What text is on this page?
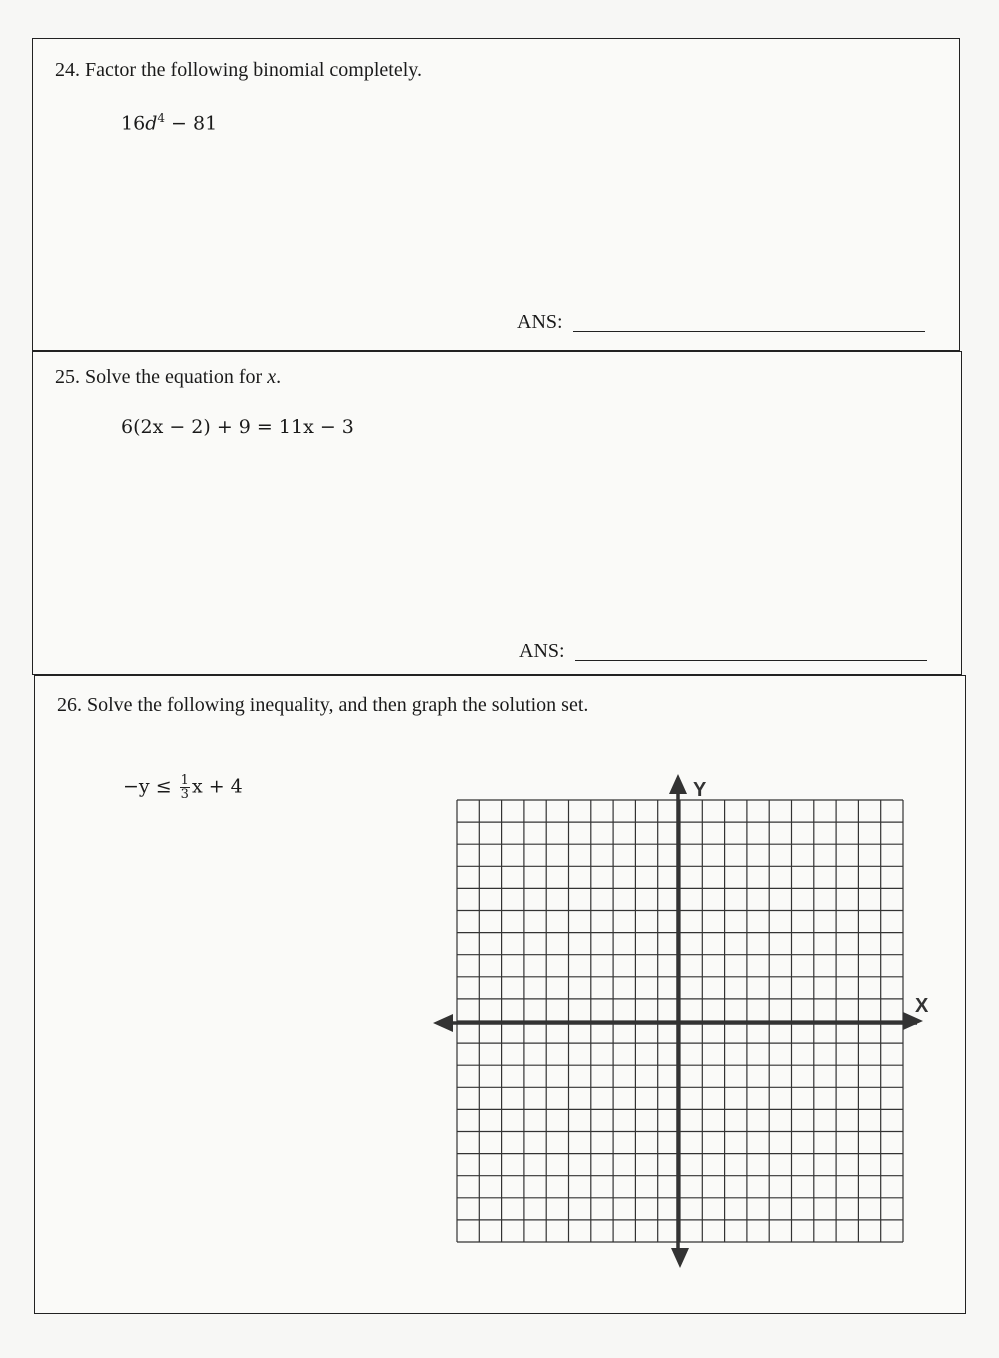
24. Factor the following binomial completely.
$16d^4 - 81$
ANS:
25. Solve the equation for x.
6(2x − 2) + 9 = 11x − 3
ANS:
26. Solve the following inequality, and then graph the solution set.
$-y \le \frac{1}{3}$ x + 4	Y
X
